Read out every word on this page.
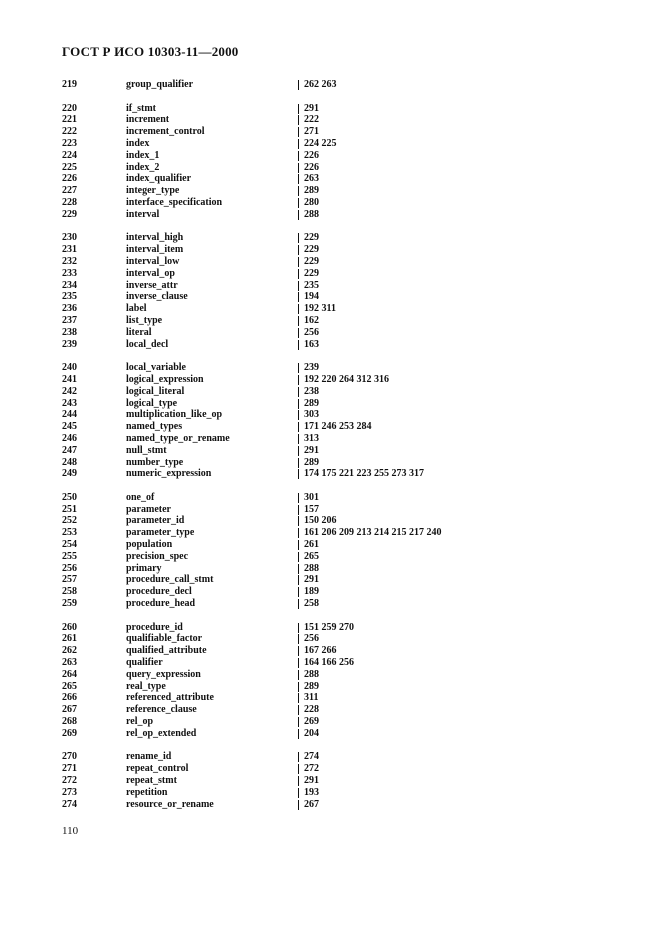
ГОСТ Р ИСО 10303-11—2000
219	group_qualifier	262 263
220	if_stmt	291
221	increment	222
222	increment_control	271
223	index	224 225
224	index_1	226
225	index_2	226
226	index_qualifier	263
227	integer_type	289
228	interface_specification	280
229	interval	288
230	interval_high	229
231	interval_item	229
232	interval_low	229
233	interval_op	229
234	inverse_attr	235
235	inverse_clause	194
236	label	192 311
237	list_type	162
238	literal	256
239	local_decl	163
240	local_variable	239
241	logical_expression	192 220 264 312 316
242	logical_literal	238
243	logical_type	289
244	multiplication_like_op	303
245	named_types	171 246 253 284
246	named_type_or_rename	313
247	null_stmt	291
248	number_type	289
249	numeric_expression	174 175 221 223 255 273 317
250	one_of	301
251	parameter	157
252	parameter_id	150 206
253	parameter_type	161 206 209 213 214 215 217 240
254	population	261
255	precision_spec	265
256	primary	288
257	procedure_call_stmt	291
258	procedure_decl	189
259	procedure_head	258
260	procedure_id	151 259 270
261	qualifiable_factor	256
262	qualified_attribute	167 266
263	qualifier	164 166 256
264	query_expression	288
265	real_type	289
266	referenced_attribute	311
267	reference_clause	228
268	rel_op	269
269	rel_op_extended	204
270	rename_id	274
271	repeat_control	272
272	repeat_stmt	291
273	repetition	193
274	resource_or_rename	267
110
